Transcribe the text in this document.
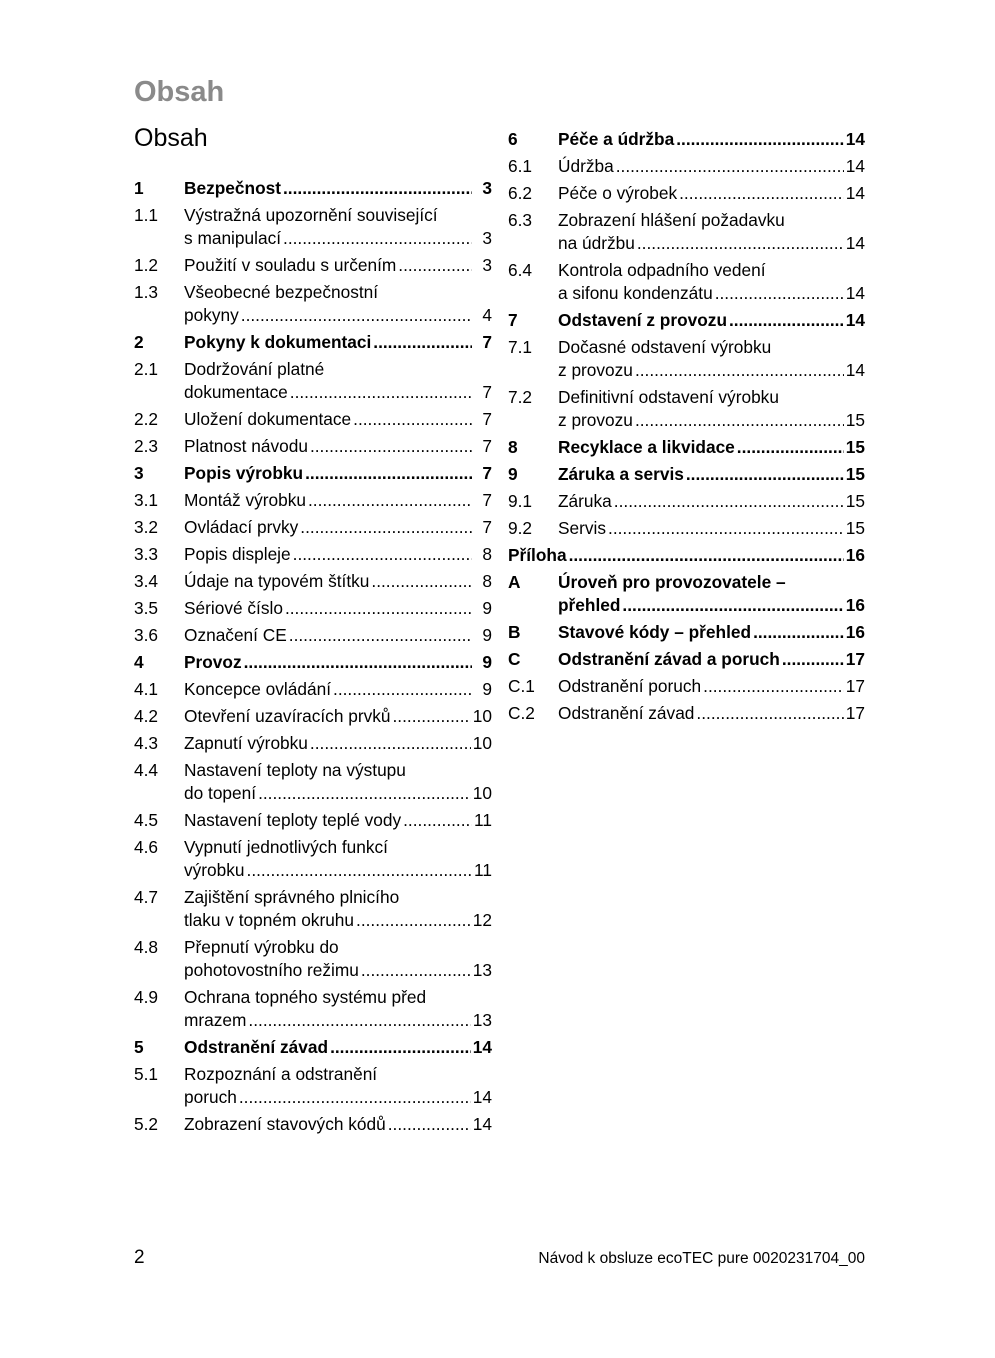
Obsah
Obsah
1	Bezpečnost .....	3
1.1	Výstražná upozornění související
s manipulací .....	3
1.2	Použití v souladu s určením .....	3
1.3	Všeobecné bezpečnostní
pokyny .....	4
2	Pokyny k dokumentaci .....	7
2.1	Dodržování platné
dokumentace .....	7
2.2	Uložení dokumentace .....	7
2.3	Platnost návodu .....	7
3	Popis výrobku .....	7
3.1	Montáž výrobku .....	7
3.2	Ovládací prvky .....	7
3.3	Popis displeje .....	8
3.4	Údaje na typovém štítku .....	8
3.5	Sériové číslo .....	9
3.6	Označení CE .....	9
4	Provoz .....	9
4.1	Koncepce ovládání .....	9
4.2	Otevření uzavíracích prvků .....	10
4.3	Zapnutí výrobku .....	10
4.4	Nastavení teploty na výstupu
do topení .....	10
4.5	Nastavení teploty teplé vody .....	11
4.6	Vypnutí jednotlivých funkcí
výrobku .....	11
4.7	Zajištění správného plnicího
tlaku v topném okruhu .....	12
4.8	Přepnutí výrobku do
pohotovostního režimu .....	13
4.9	Ochrana topného systému před
mrazem .....	13
5	Odstranění závad .....	14
5.1	Rozpoznání a odstranění
poruch .....	14
5.2	Zobrazení stavových kódů .....	14
6	Péče a údržba .....	14
6.1	Údržba .....	14
6.2	Péče o výrobek .....	14
6.3	Zobrazení hlášení požadavku
na údržbu .....	14
6.4	Kontrola odpadního vedení
a sifonu kondenzátu .....	14
7	Odstavení z provozu .....	14
7.1	Dočasné odstavení výrobku
z provozu .....	14
7.2	Definitivní odstavení výrobku
z provozu .....	15
8	Recyklace a likvidace .....	15
9	Záruka a servis .....	15
9.1	Záruka .....	15
9.2	Servis .....	15
Příloha .....	16
A	Úroveň pro provozovatele –
přehled .....	16
B	Stavové kódy – přehled .....	16
C	Odstranění závad a poruch .....	17
C.1	Odstranění poruch .....	17
C.2	Odstranění závad .....	17
2	Návod k obsluze ecoTEC pure 0020231704_00
